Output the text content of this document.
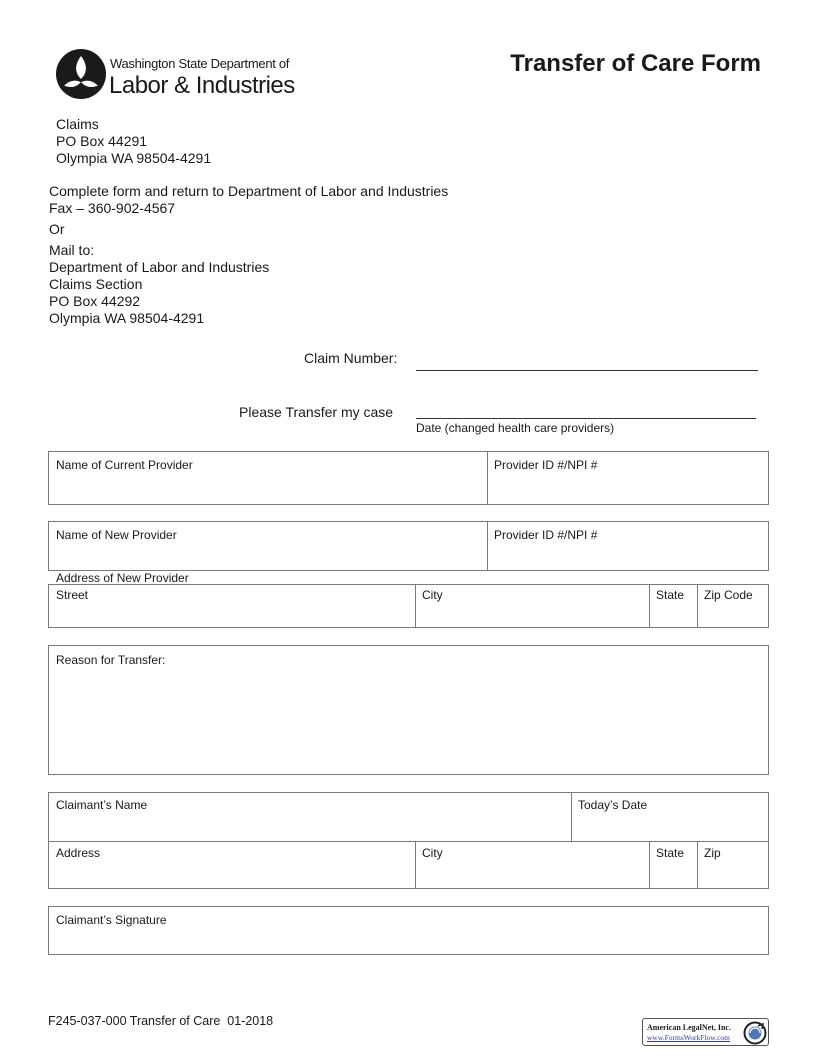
Washington State Department of
Labor & Industries
Transfer of Care Form
Claims
PO Box 44291
Olympia WA 98504-4291
Complete form and return to Department of Labor and Industries
Fax – 360-902-4567
Or
Mail to:
Department of Labor and Industries
Claims Section
PO Box 44292
Olympia WA 98504-4291
Claim Number:
Please Transfer my case
Date (changed health care providers)
Name of Current Provider	Provider ID #/NPI #
Name of New Provider	Provider ID #/NPI #
Address of New Provider
Street	City	State	Zip Code
Reason for Transfer:
Claimant’s Name	Today’s Date
Address	City	State	Zip
Claimant’s Signature
F245-037-000 Transfer of Care  01-2018	American LegalNet, Inc.
www.FormsWorkFlow.com
